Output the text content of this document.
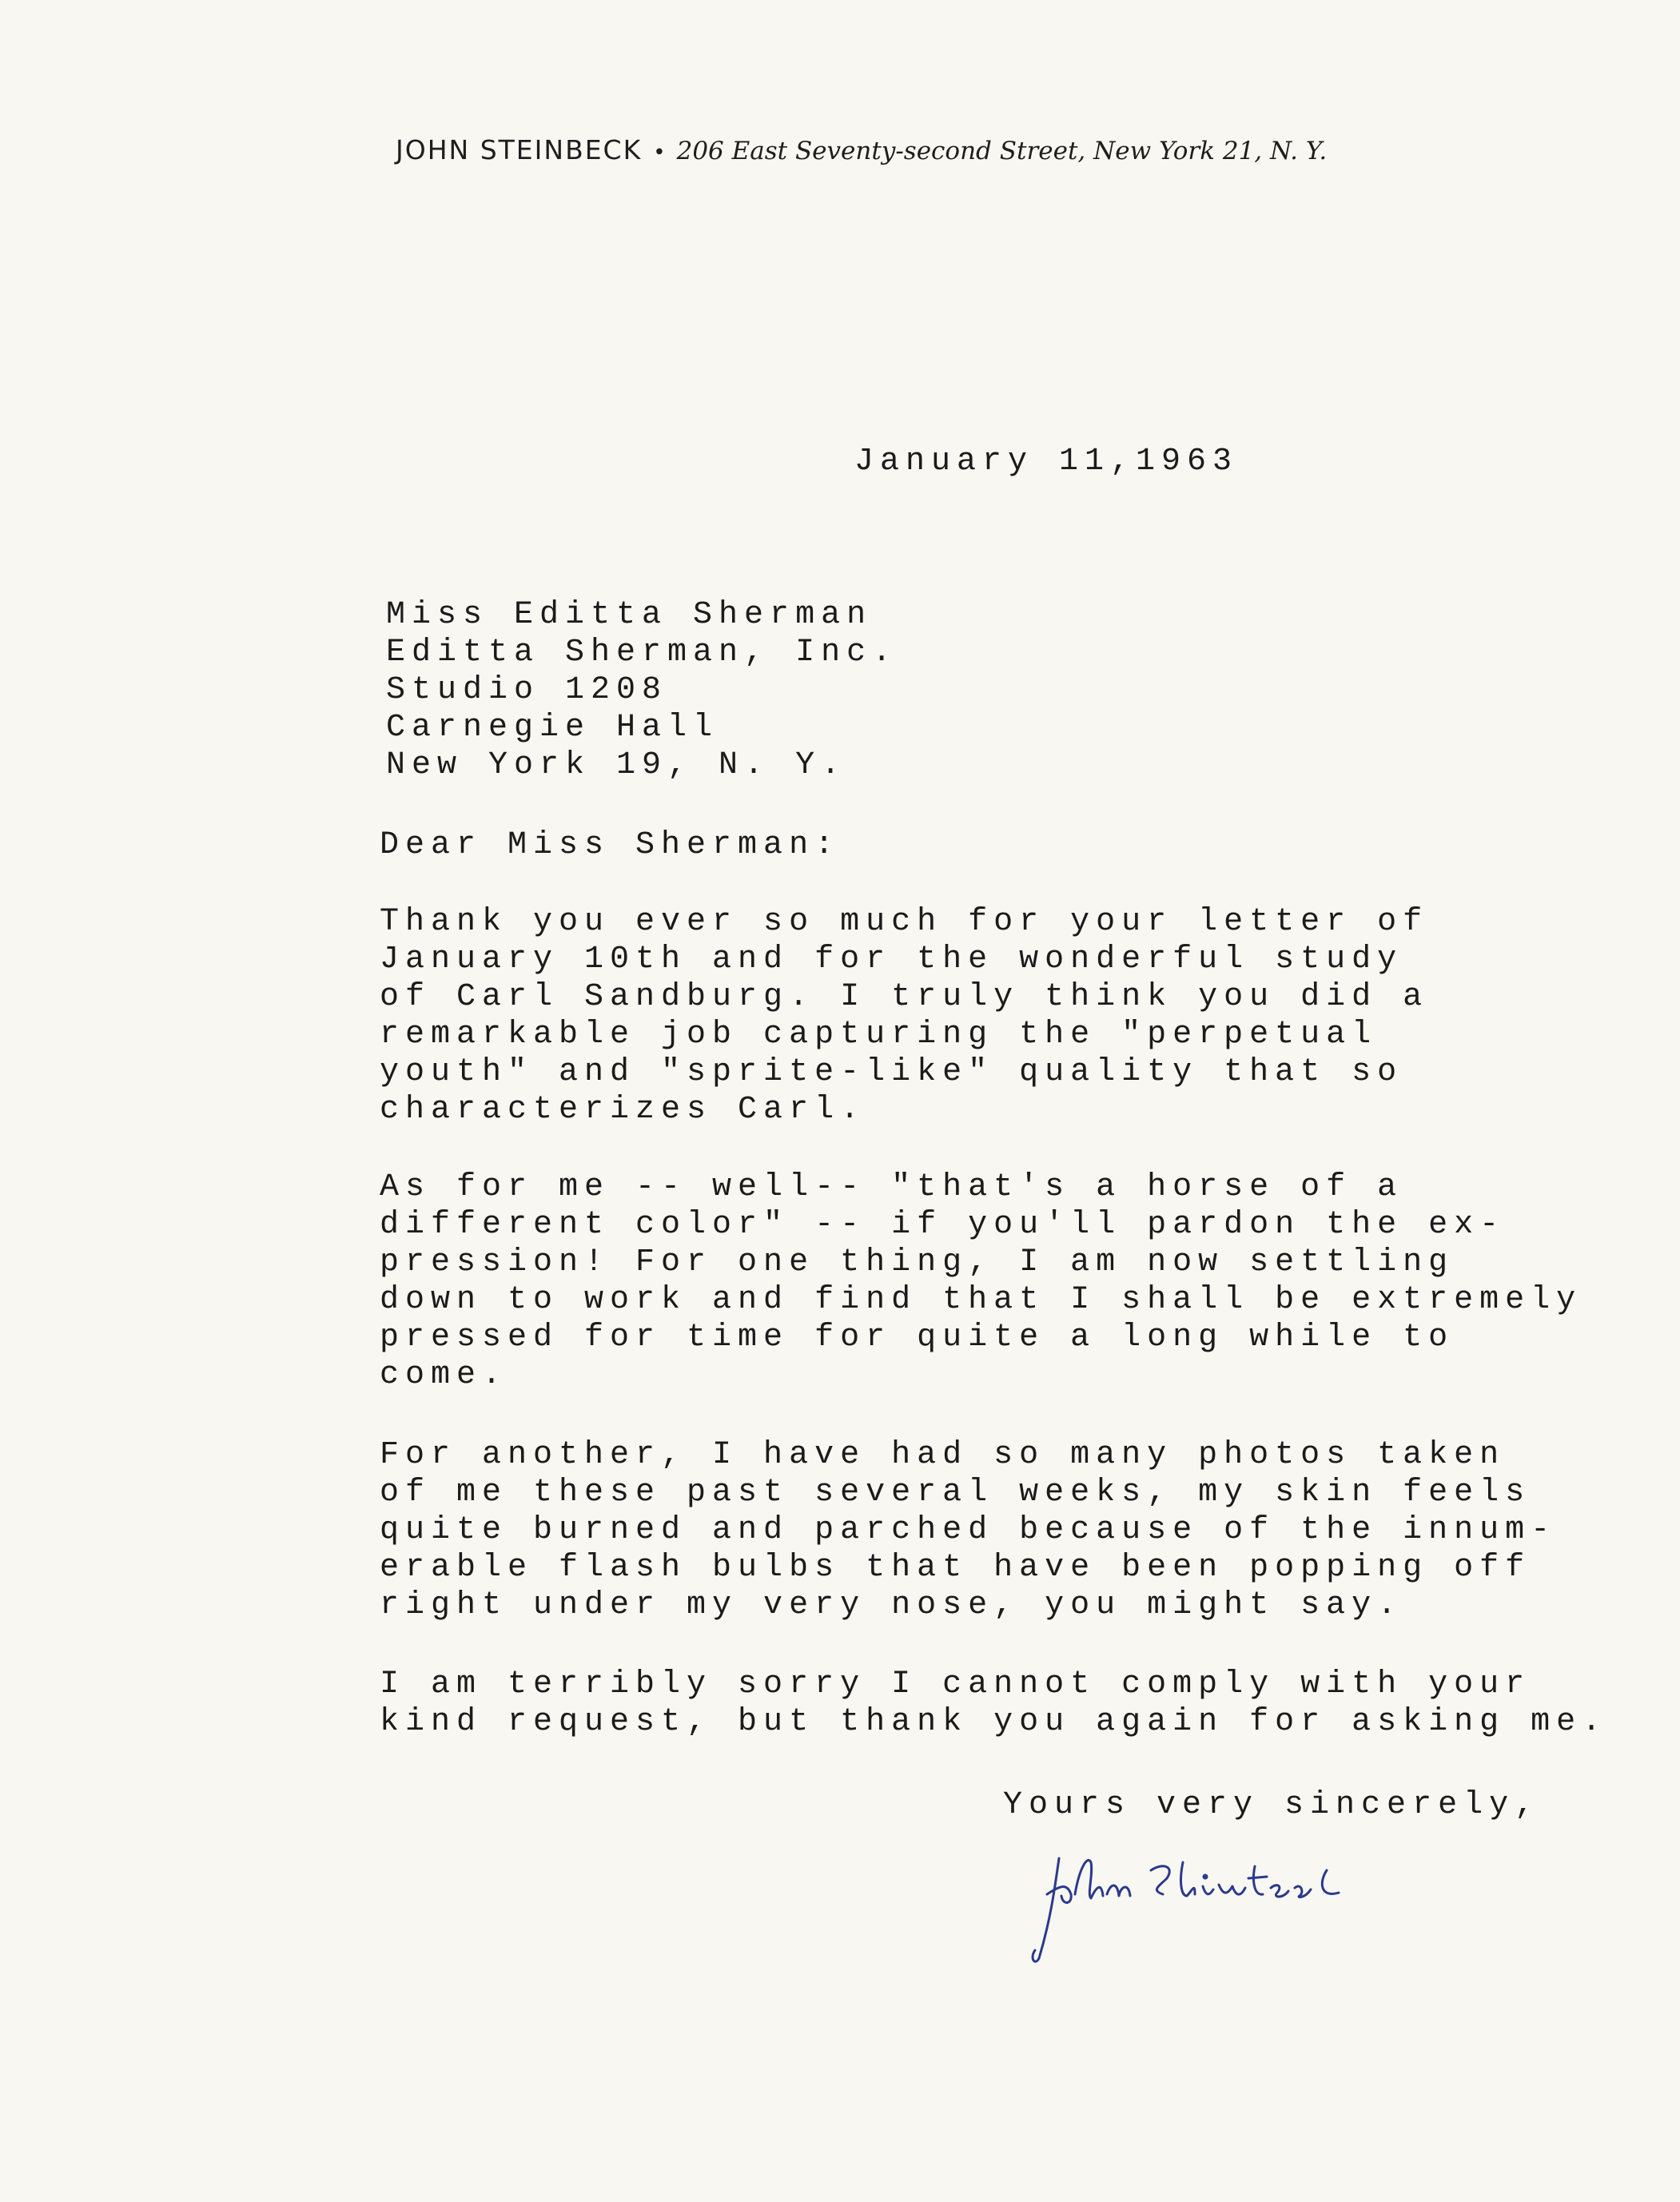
JOHN STEINBECK • 206 East Seventy-second Street, New York 21, N. Y.
January 11,1963
Miss Editta Sherman
Editta Sherman, Inc.
Studio 1208
Carnegie Hall
New York 19, N. Y.
Dear Miss Sherman:
Thank you ever so much for your letter of
January 10th and for the wonderful study
of Carl Sandburg. I truly think you did a
remarkable job capturing the "perpetual
youth" and "sprite-like" quality that so
characterizes Carl.
As for me -- well-- "that's a horse of a
different color" -- if you'll pardon the ex-
pression! For one thing, I am now settling
down to work and find that I shall be extremely
pressed for time for quite a long while to
come.
For another, I have had so many photos taken
of me these past several weeks, my skin feels
quite burned and parched because of the innum-
erable flash bulbs that have been popping off
right under my very nose, you might say.
I am terribly sorry I cannot comply with your
kind request, but thank you again for asking me.
Yours very sincerely,
